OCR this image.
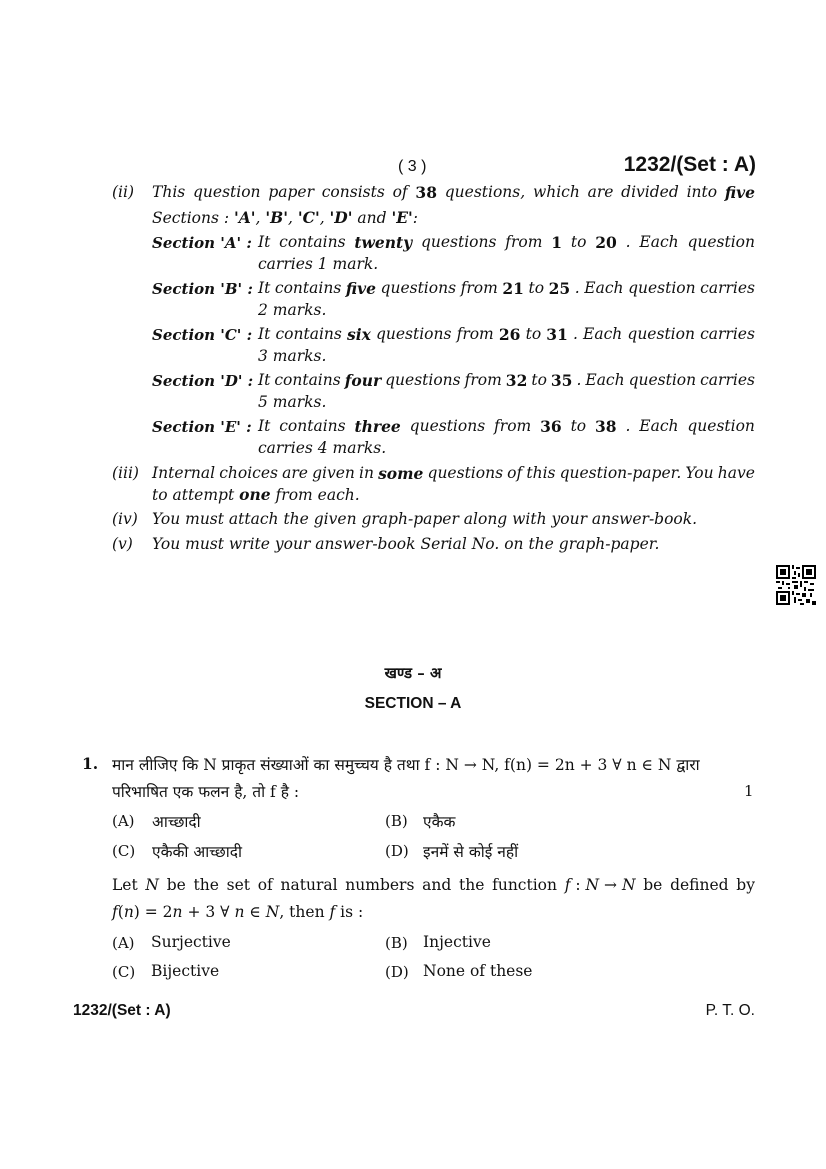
( 3 )	1232/(Set : A)
(ii)	This question paper consists of 38 questions, which are divided into five
Sections : 'A', 'B', 'C', 'D' and 'E':
Section 'A' : It contains twenty questions from 1 to 20 . Each question
carries 1 mark.
Section 'B' : It contains five questions from 21 to 25 . Each question carries
2 marks.
Section 'C' : It contains six questions from 26 to 31 . Each question carries
3 marks.
Section 'D' : It contains four questions from 32 to 35 . Each question carries
5 marks.
Section 'E' : It contains three questions from 36 to 38 . Each question
carries 4 marks.
(iii) Internal choices are given in some questions of this question-paper. You have
to attempt one from each.
(iv) You must attach the given graph-paper along with your answer-book.
(v)	You must write your answer-book Serial No. on the graph-paper.
खण्ड – अ
SECTION – A
1. मान लीजिए कि N प्राकृत संख्याओं का समुच्चय है तथा f : N → N, f(n) = 2n + 3 ∀ n ∈ N द्वारा
परिभाषित एक फलन है, तो f है :	1
(A) आच्छादी	(B) एकैक
(C) एकैकी आच्छादी	(D) इनमें से कोई नहीं
Let N be the set of natural numbers and the function f : N → N be defined by
f(n) = 2n + 3 ∀ n ∈ N, then f is :
(A) Surjective	(B) Injective
(C) Bijective	(D) None of these
1232/(Set : A)	P. T. O.
